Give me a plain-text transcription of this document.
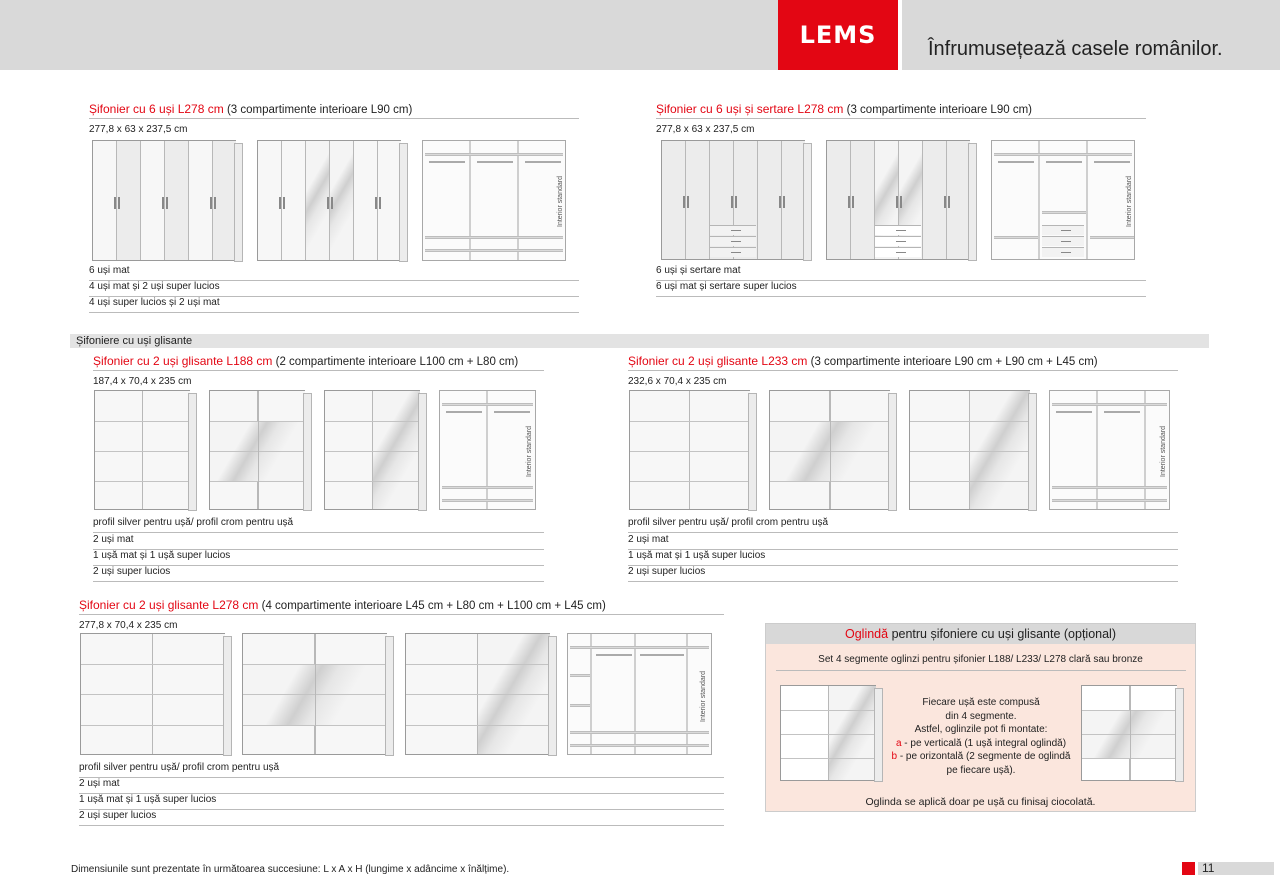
LEMS	Înfrumusețează casele românilor.
Șifonier cu 6 uși L278 cm (3 compartimente interioare L90 cm)
277,8 x 63 x 237,5 cm
Interior standard
6 uși mat
4 uși mat și 2 uși super lucios
4 uși super lucios și 2 uși mat
Șifonier cu 6 uși și sertare L278 cm (3 compartimente interioare L90 cm)
277,8 x 63 x 237,5 cm
Interior standard
6 uși și sertare mat
6 uși mat și sertare super lucios
Șifoniere cu uși glisante
Șifonier cu 2 uși glisante L188 cm (2 compartimente interioare L100 cm + L80 cm)
187,4 x 70,4 x 235 cm
Interior standard
profil silver pentru ușă/ profil crom pentru ușă
2 uși mat
1 ușă mat și 1 ușă super lucios
2 uși super lucios
Șifonier cu 2 uși glisante L233 cm (3 compartimente interioare L90 cm + L90 cm + L45 cm)
232,6 x 70,4 x 235 cm
Interior standard
profil silver pentru ușă/ profil crom pentru ușă
2 uși mat
1 ușă mat și 1 ușă super lucios
2 uși super lucios
Șifonier cu 2 uși glisante L278 cm (4 compartimente interioare L45 cm + L80 cm + L100 cm + L45 cm)
277,8 x 70,4 x 235 cm
Interior standard
profil silver pentru ușă/ profil crom pentru ușă
2 uși mat
1 ușă mat și 1 ușă super lucios
2 uși super lucios
Oglindă pentru șifoniere cu uși glisante (opțional)
Set 4 segmente oglinzi pentru șifonier L188/ L233/ L278 clară sau bronze
Fiecare ușă este compusă
din 4 segmente.
Astfel, oglinzile pot fi montate:
a - pe verticală (1 ușă integral oglindă)
b - pe orizontală (2 segmente de oglindă
pe fiecare ușă).
Oglinda se aplică doar pe ușă cu finisaj ciocolată.
Dimensiunile sunt prezentate în următoarea succesiune: L x A x H (lungime x adâncime x înălțime).	11
